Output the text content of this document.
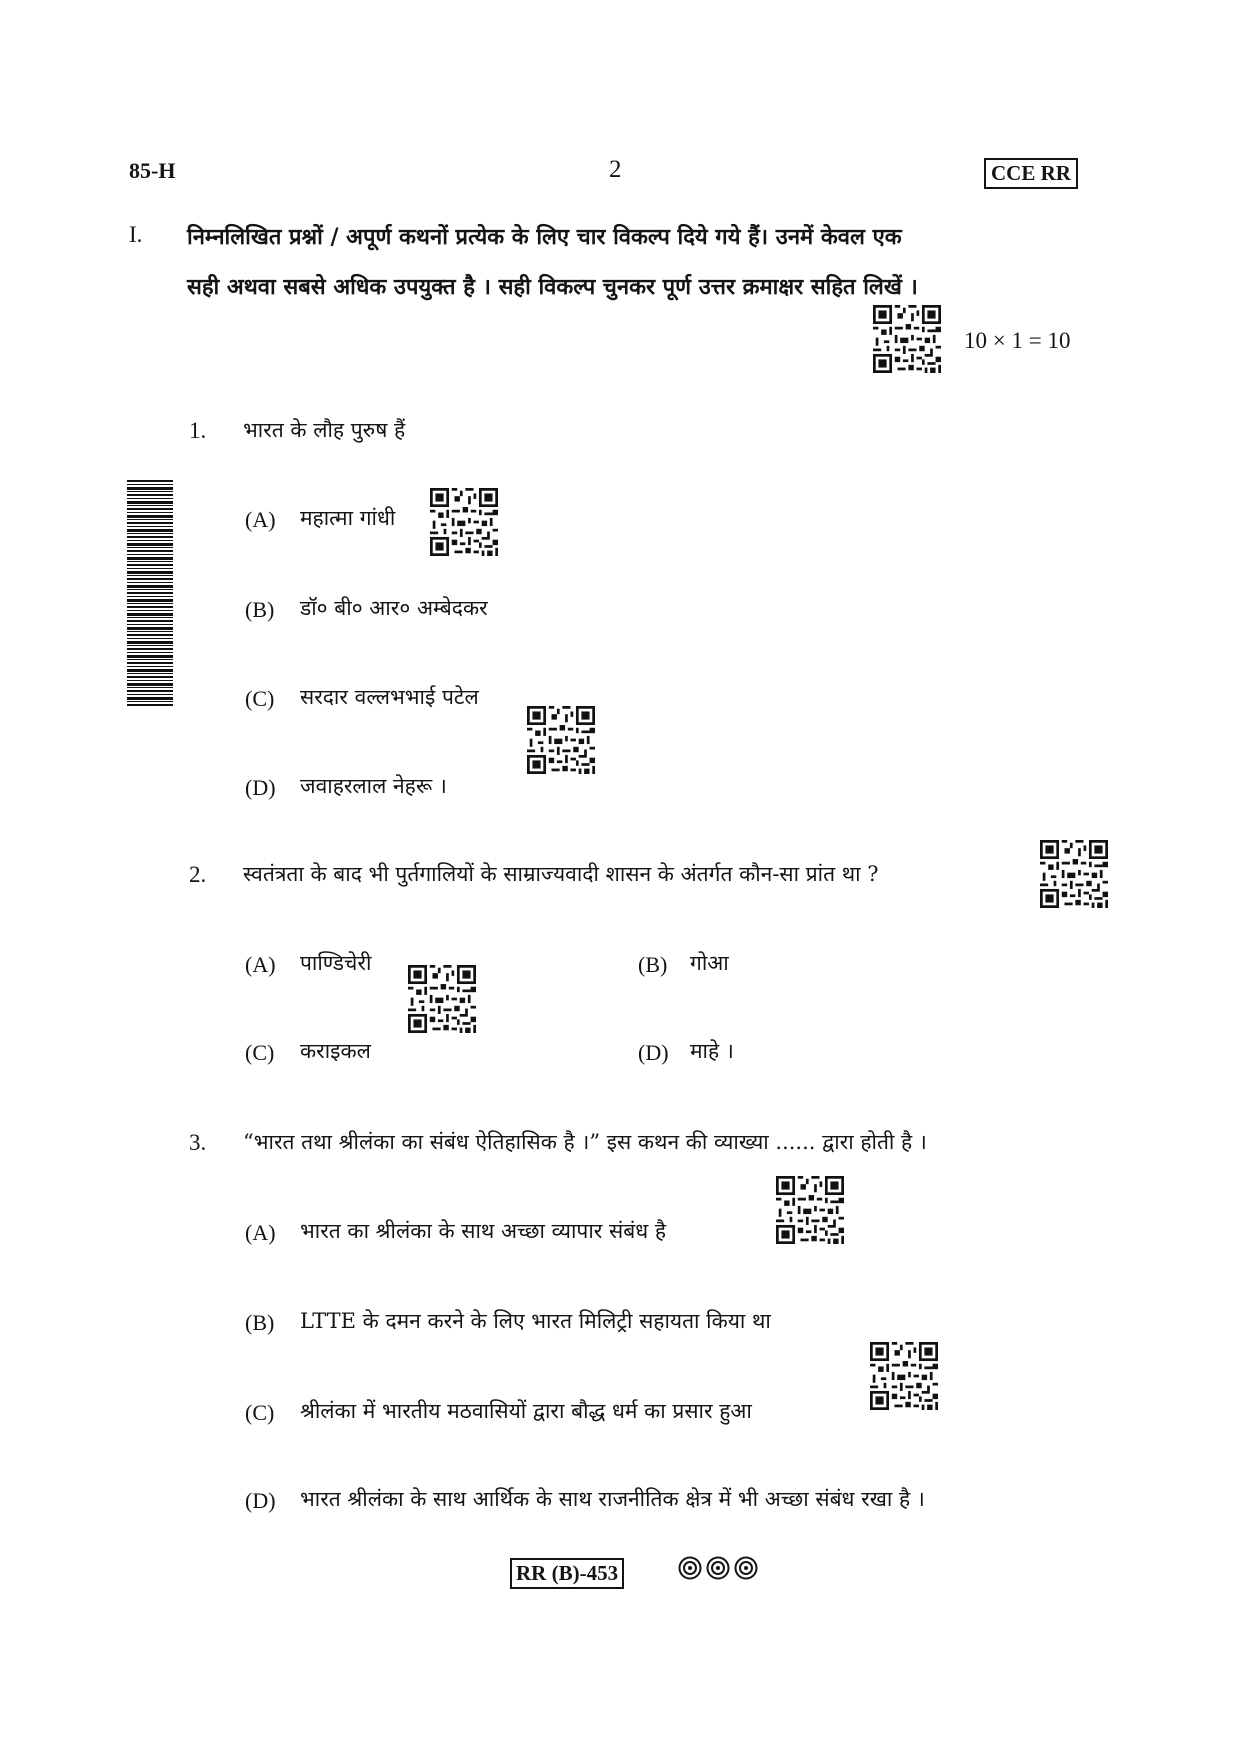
85-H	2	CCE RR
I. निम्नलिखित प्रश्नों / अपूर्ण कथनों प्रत्येक के लिए चार विकल्प दिये गये हैं। उनमें केवल एक
सही अथवा सबसे अधिक उपयुक्त है । सही विकल्प चुनकर पूर्ण उत्तर क्रमाक्षर सहित लिखें ।
10 × 1 = 10
1. भारत के लौह पुरुष हैं
(A) महात्मा गांधी
(B) डॉ० बी० आर० अम्बेदकर
(C) सरदार वल्लभभाई पटेल
(D) जवाहरलाल नेहरू ।
2. स्वतंत्रता के बाद भी पुर्तगालियों के साम्राज्यवादी शासन के अंतर्गत कौन-सा प्रांत था ?
(A) पाण्डिचेरी	(B) गोआ
(C) कराइकल	(D) माहे ।
3. “भारत तथा श्रीलंका का संबंध ऐतिहासिक है ।” इस कथन की व्याख्या ...... द्वारा होती है ।
(A) भारत का श्रीलंका के साथ अच्छा व्यापार संबंध है
(B) LTTE के दमन करने के लिए भारत मिलिट्री सहायता किया था
(C) श्रीलंका में भारतीय मठवासियों द्वारा बौद्ध धर्म का प्रसार हुआ
(D) भारत श्रीलंका के साथ आर्थिक के साथ राजनीतिक क्षेत्र में भी अच्छा संबंध रखा है ।
RR (B)-453
